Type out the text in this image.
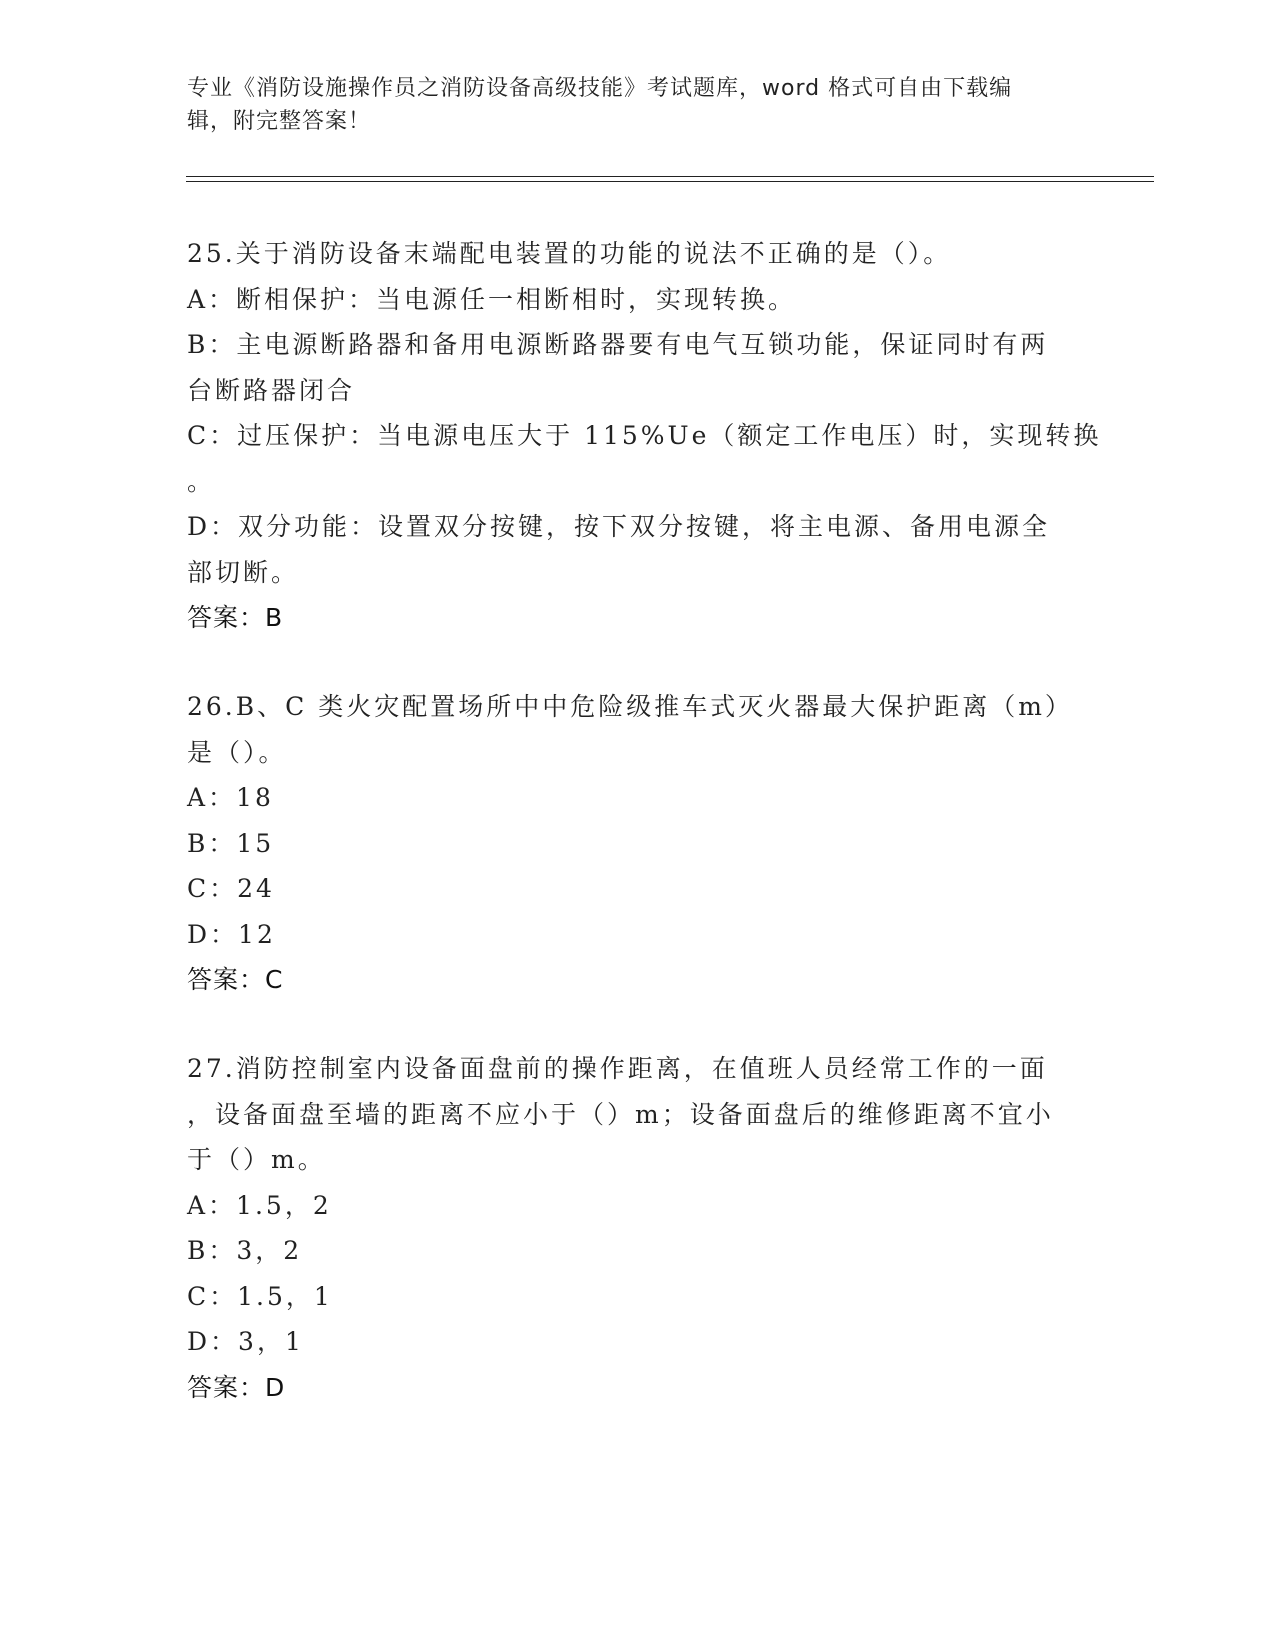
专业《消防设施操作员之消防设备高级技能》考试题库，word 格式可自由下载编
辑，附完整答案！
25.关于消防设备末端配电装置的功能的说法不正确的是（）。
A：断相保护：当电源任一相断相时，实现转换。
B：主电源断路器和备用电源断路器要有电气互锁功能，保证同时有两
台断路器闭合
C：过压保护：当电源电压大于 115%Ue（额定工作电压）时，实现转换
。
D：双分功能：设置双分按键，按下双分按键，将主电源、备用电源全
部切断。
答案：B
26.B、C 类火灾配置场所中中危险级推车式灭火器最大保护距离（m）
是（）。
A：18
B：15
C：24
D：12
答案：C
27.消防控制室内设备面盘前的操作距离，在值班人员经常工作的一面
，设备面盘至墙的距离不应小于（）m；设备面盘后的维修距离不宜小
于（）m。
A：1.5，2
B：3，2
C：1.5，1
D：3，1
答案：D
